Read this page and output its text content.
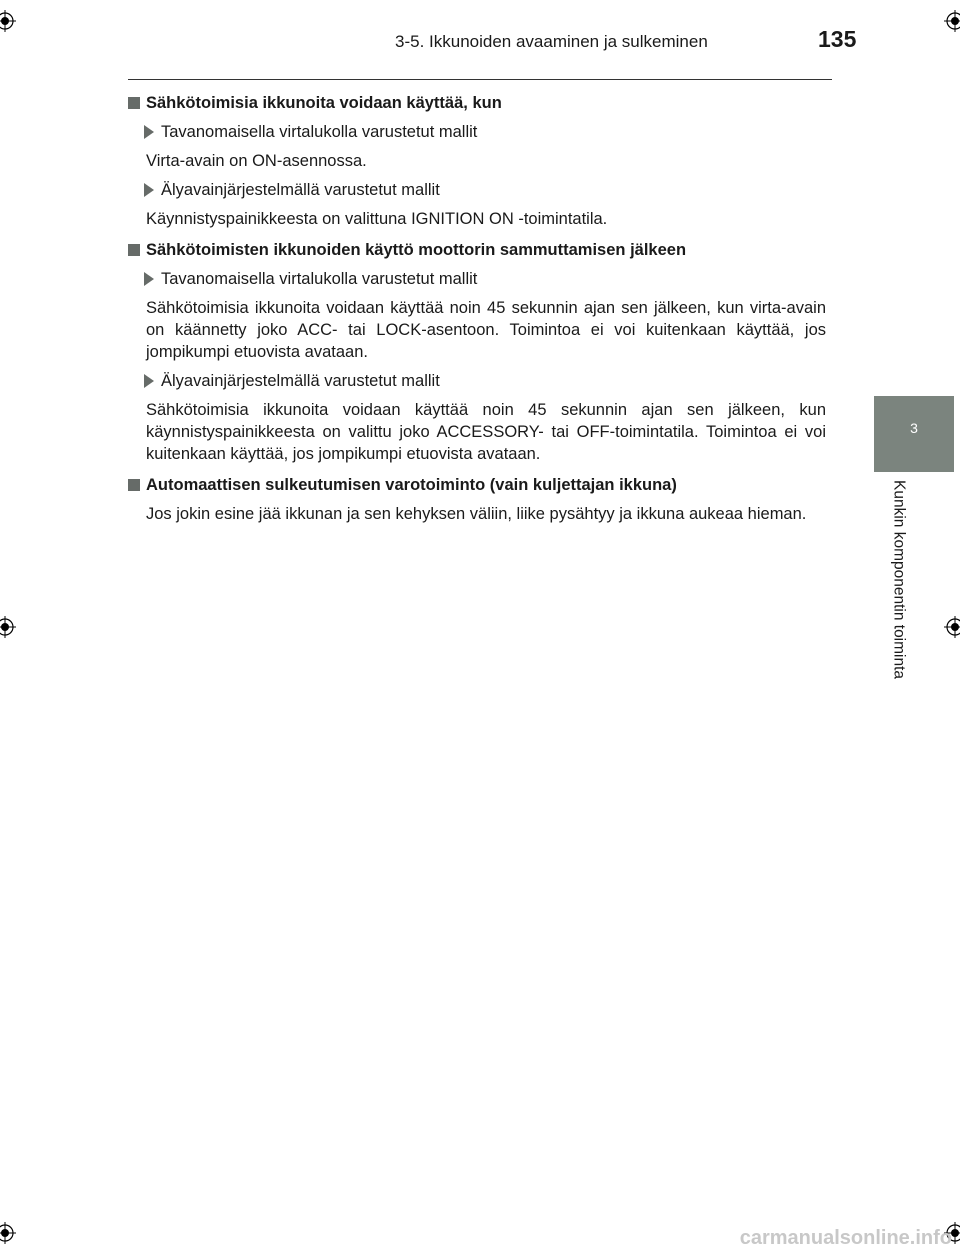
3-5. Ikkunoiden avaaminen ja sulkeminen	135
3
Kunkin komponentin toiminta
Sähkötoimisia ikkunoita voidaan käyttää, kun
Tavanomaisella virtalukolla varustetut mallit
Virta-avain on ON-asennossa.
Älyavainjärjestelmällä varustetut mallit
Käynnistyspainikkeesta on valittuna IGNITION ON -toimintatila.
Sähkötoimisten ikkunoiden käyttö moottorin sammuttamisen jälkeen
Tavanomaisella virtalukolla varustetut mallit
Sähkötoimisia ikkunoita voidaan käyttää noin 45 sekunnin ajan sen jälkeen, kun virta-avain on käännetty joko ACC- tai LOCK-asentoon. Toimintoa ei voi kuitenkaan käyttää, jos jompikumpi etuovista avataan.
Älyavainjärjestelmällä varustetut mallit
Sähkötoimisia ikkunoita voidaan käyttää noin 45 sekunnin ajan sen jälkeen, kun käynnistyspainikkeesta on valittu joko ACCESSORY- tai OFF-toimintatila. Toimintoa ei voi kuitenkaan käyttää, jos jompikumpi etuovista avataan.
Automaattisen sulkeutumisen varotoiminto (vain kuljettajan ikkuna)
Jos jokin esine jää ikkunan ja sen kehyksen väliin, liike pysähtyy ja ikkuna aukeaa hieman.
carmanualsonline.info
